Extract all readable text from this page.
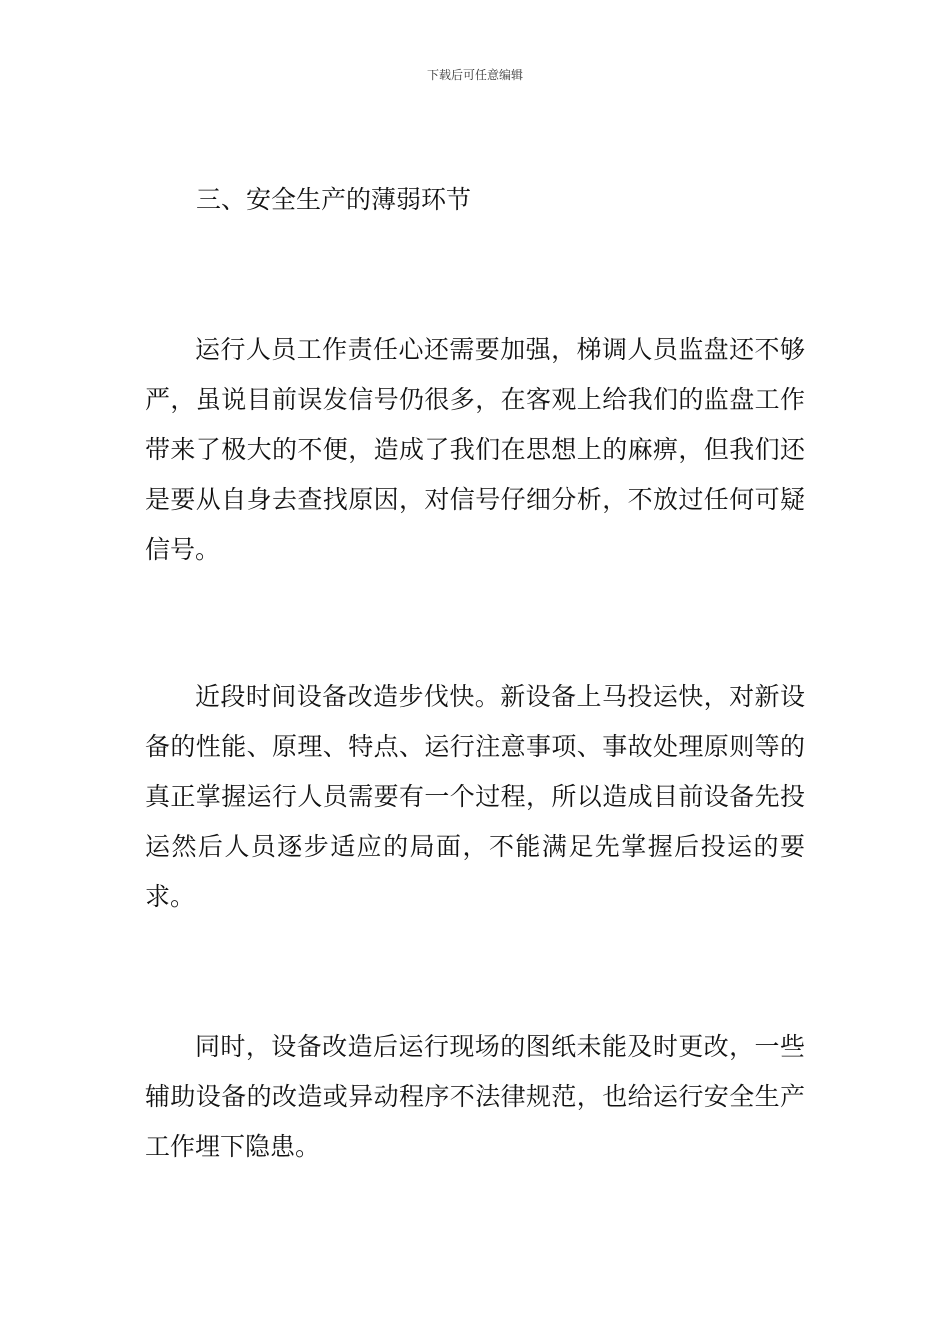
下载后可任意编辑
三、安全生产的薄弱环节

运行人员工作责任心还需要加强，梯调人员监盘还不够严，虽说目前误发信号仍很多，在客观上给我们的监盘工作带来了极大的不便，造成了我们在思想上的麻痹，但我们还是要从自身去查找原因，对信号仔细分析，不放过任何可疑信号。

近段时间设备改造步伐快。新设备上马投运快，对新设备的性能、原理、特点、运行注意事项、事故处理原则等的真正掌握运行人员需要有一个过程，所以造成目前设备先投运然后人员逐步适应的局面，不能满足先掌握后投运的要求。

同时，设备改造后运行现场的图纸未能及时更改，一些辅助设备的改造或异动程序不法律规范，也给运行安全生产工作埋下隐患。
